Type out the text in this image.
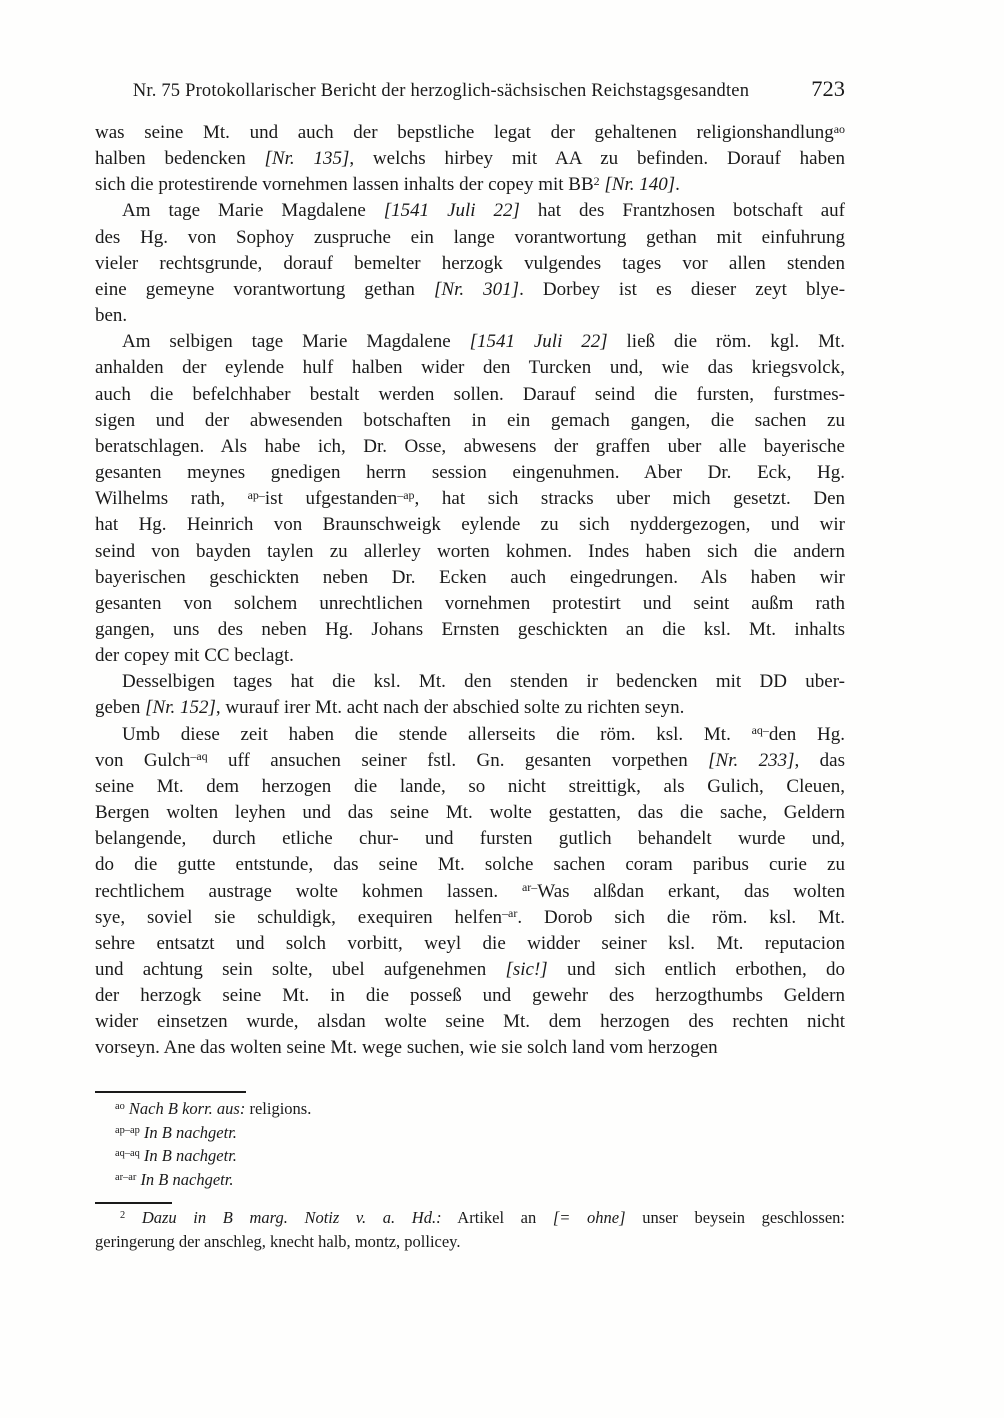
Nr. 75 Protokollarischer Bericht der herzoglich-sächsischen Reichstagsgesandten	723
was seine Mt. und auch der bepstliche legat der gehaltenen religionshandlung$^{ao}$
halben bedencken [Nr. 135], welchs hirbey mit AA zu befinden. Dorauf haben
sich die protestirende vornehmen lassen inhalts der copey mit $BB^2$ [Nr. 140].
Am tage Marie Magdalene [1541 Juli 22] hat des Frantzhosen botschaft auf
des Hg. von Sophoy zuspruche ein lange vorantwortung gethan mit einfuhrung
vieler rechtsgrunde, dorauf bemelter herzogk vulgendes tages vor allen stenden
eine gemeyne vorantwortung gethan [Nr. 301]. Dorbey ist es dieser zeyt blye-
ben.
Am selbigen tage Marie Magdalene [1541 Juli 22] ließ die röm. kgl. Mt.
anhalden der eylende hulf halben wider den Turcken und, wie das kriegsvolck,
auch die befelchhaber bestalt werden sollen. Darauf seind die fursten, furstmes-
sigen und der abwesenden botschaften in ein gemach gangen, die sachen zu
beratschlagen. Als habe ich, Dr. Osse, abwesens der graffen uber alle bayerische
gesanten meynes gnedigen herrn session eingenuhmen. Aber Dr. Eck, Hg.
Wilhelms rath, $^{ap-}$ist ufgestanden$^{-ap}$, hat sich stracks uber mich gesetzt. Den
hat Hg. Heinrich von Braunschweigk eylende zu sich nyddergezogen, und wir
seind von bayden taylen zu allerley worten kohmen. Indes haben sich die andern
bayerischen geschickten neben Dr. Ecken auch eingedrungen. Als haben wir
gesanten von solchem unrechtlichen vornehmen protestirt und seint außm rath
gangen, uns des neben Hg. Johans Ernsten geschickten an die ksl. Mt. inhalts
der copey mit CC beclagt.
Desselbigen tages hat die ksl. Mt. den stenden ir bedencken mit DD uber-
geben [Nr. 152], wurauf irer Mt. acht nach der abschied solte zu richten seyn.
Umb diese zeit haben die stende allerseits die röm. ksl. Mt. $^{aq-}$den Hg.
von Gulch$^{-aq}$ uff ansuchen seiner fstl. Gn. gesanten vorpethen [Nr. 233], das
seine Mt. dem herzogen die lande, so nicht streittigk, als Gulich, Cleuen,
Bergen wolten leyhen und das seine Mt. wolte gestatten, das die sache, Geldern
belangende, durch etliche chur- und fursten gutlich behandelt wurde und,
do die gutte entstunde, das seine Mt. solche sachen coram paribus curie zu
rechtlichem austrage wolte kohmen lassen. $^{ar-}$Was alßdan erkant, das wolten
sye, soviel sie schuldigk, exequiren helfen$^{-ar}$. Dorob sich die röm. ksl. Mt.
sehre entsatzt und solch vorbitt, weyl die widder seiner ksl. Mt. reputacion
und achtung sein solte, ubel aufgenehmen [sic!] und sich entlich erbothen, do
der herzogk seine Mt. in die posseß und gewehr des herzogthumbs Geldern
wider einsetzen wurde, alsdan wolte seine Mt. dem herzogen des rechten nicht
vorseyn. Ane das wolten seine Mt. wege suchen, wie sie solch land vom herzogen
$^{ao}$ Nach B korr. aus: religions.
$^{ap-ap}$ In B nachgetr.
$^{aq-aq}$ In B nachgetr.
$^{ar-ar}$ In B nachgetr.
$^2$ Dazu in B marg. Notiz v. a. Hd.: Artikel an [= ohne] unser beysein geschlossen:
geringerung der anschleg, knecht halb, montz, pollicey.
